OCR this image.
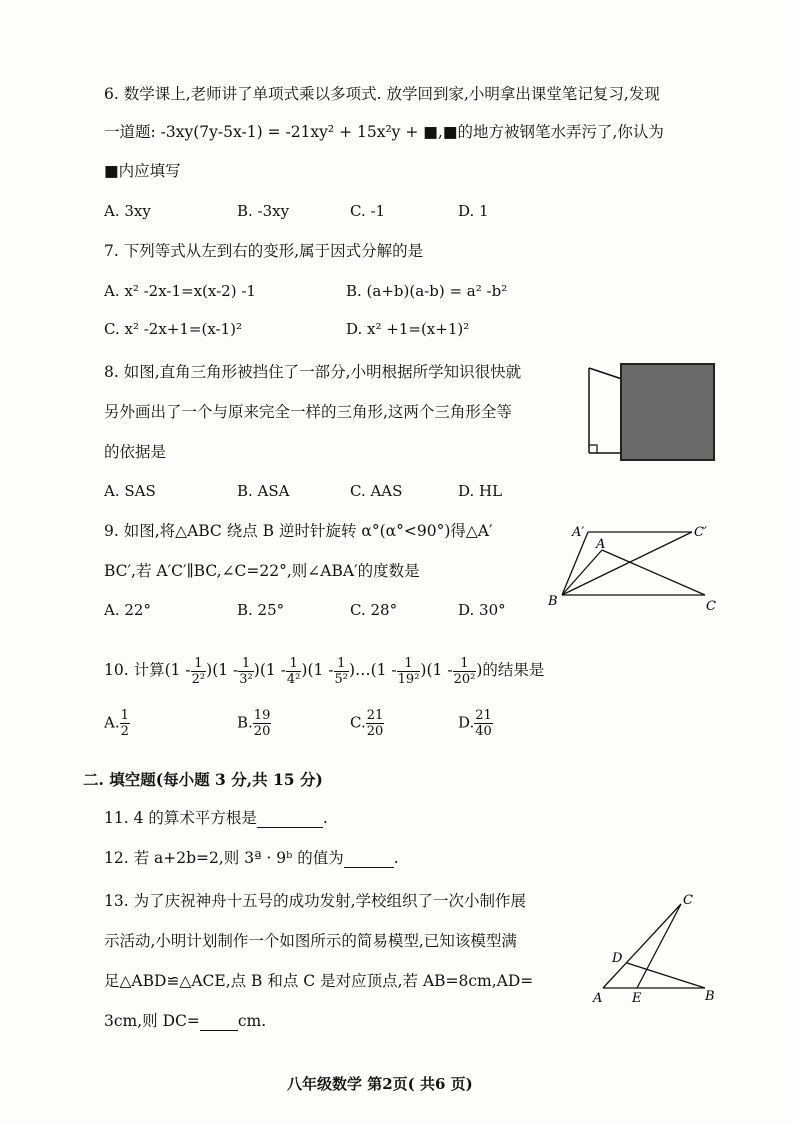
6. 数学课上,老师讲了单项式乘以多项式. 放学回到家,小明拿出课堂笔记复习,发现
一道题: -3xy(7y-5x-1) = -21xy² + 15x²y + ■,■的地方被钢笔水弄污了,你认为
■内应填写
A. 3xy	B. -3xy	C. -1	D. 1
7. 下列等式从左到右的变形,属于因式分解的是
A. x² -2x-1=x(x-2) -1	B. (a+b)(a-b) = a² -b²
C. x² -2x+1=(x-1)²	D. x² +1=(x+1)²
8. 如图,直角三角形被挡住了一部分,小明根据所学知识很快就
另外画出了一个与原来完全一样的三角形,这两个三角形全等
的依据是
A. SAS	B. ASA	C. AAS	D. HL
9. 如图,将△ABC 绕点 B 逆时针旋转 α°(α°<90°)得△A′
BC′,若 A′C′∥BC,∠C=22°,则∠ABA′的度数是
A. 22°	B. 25°	C. 28°	D. 30°
A′	C′
A
B	C
10. 计算$(1 - \frac{1}{\text{2²}} )(1 - \frac{1}{\text{3²}} )(1 - \frac{1}{\text{4²}} )(1 - \frac{1}{\text{5²}}$ )…(1 - $\frac{1}{\text{19²}} )(1 - \frac{1}{\text{20²}}$ )的结果是
A. $\frac{1}{2}$	B. $\frac{19}{20}$	C. $\frac{21}{20}$	D. $\frac{21}{40}$
二. 填空题(每小题 3 分,共 15 分)
11. 4 的算术平方根是	.
12. 若 a+2b=2,则 3ª · 9ᵇ 的值为	.
13. 为了庆祝神舟十五号的成功发射,学校组织了一次小制作展
示活动,小明计划制作一个如图所示的简易模型,已知该模型满
足△ABD≌△ACE,点 B 和点 C 是对应顶点,若 AB=8cm,AD=
3cm,则 DC= cm.
C
D
A E	B
八年级数学 第2页( 共6 页)
